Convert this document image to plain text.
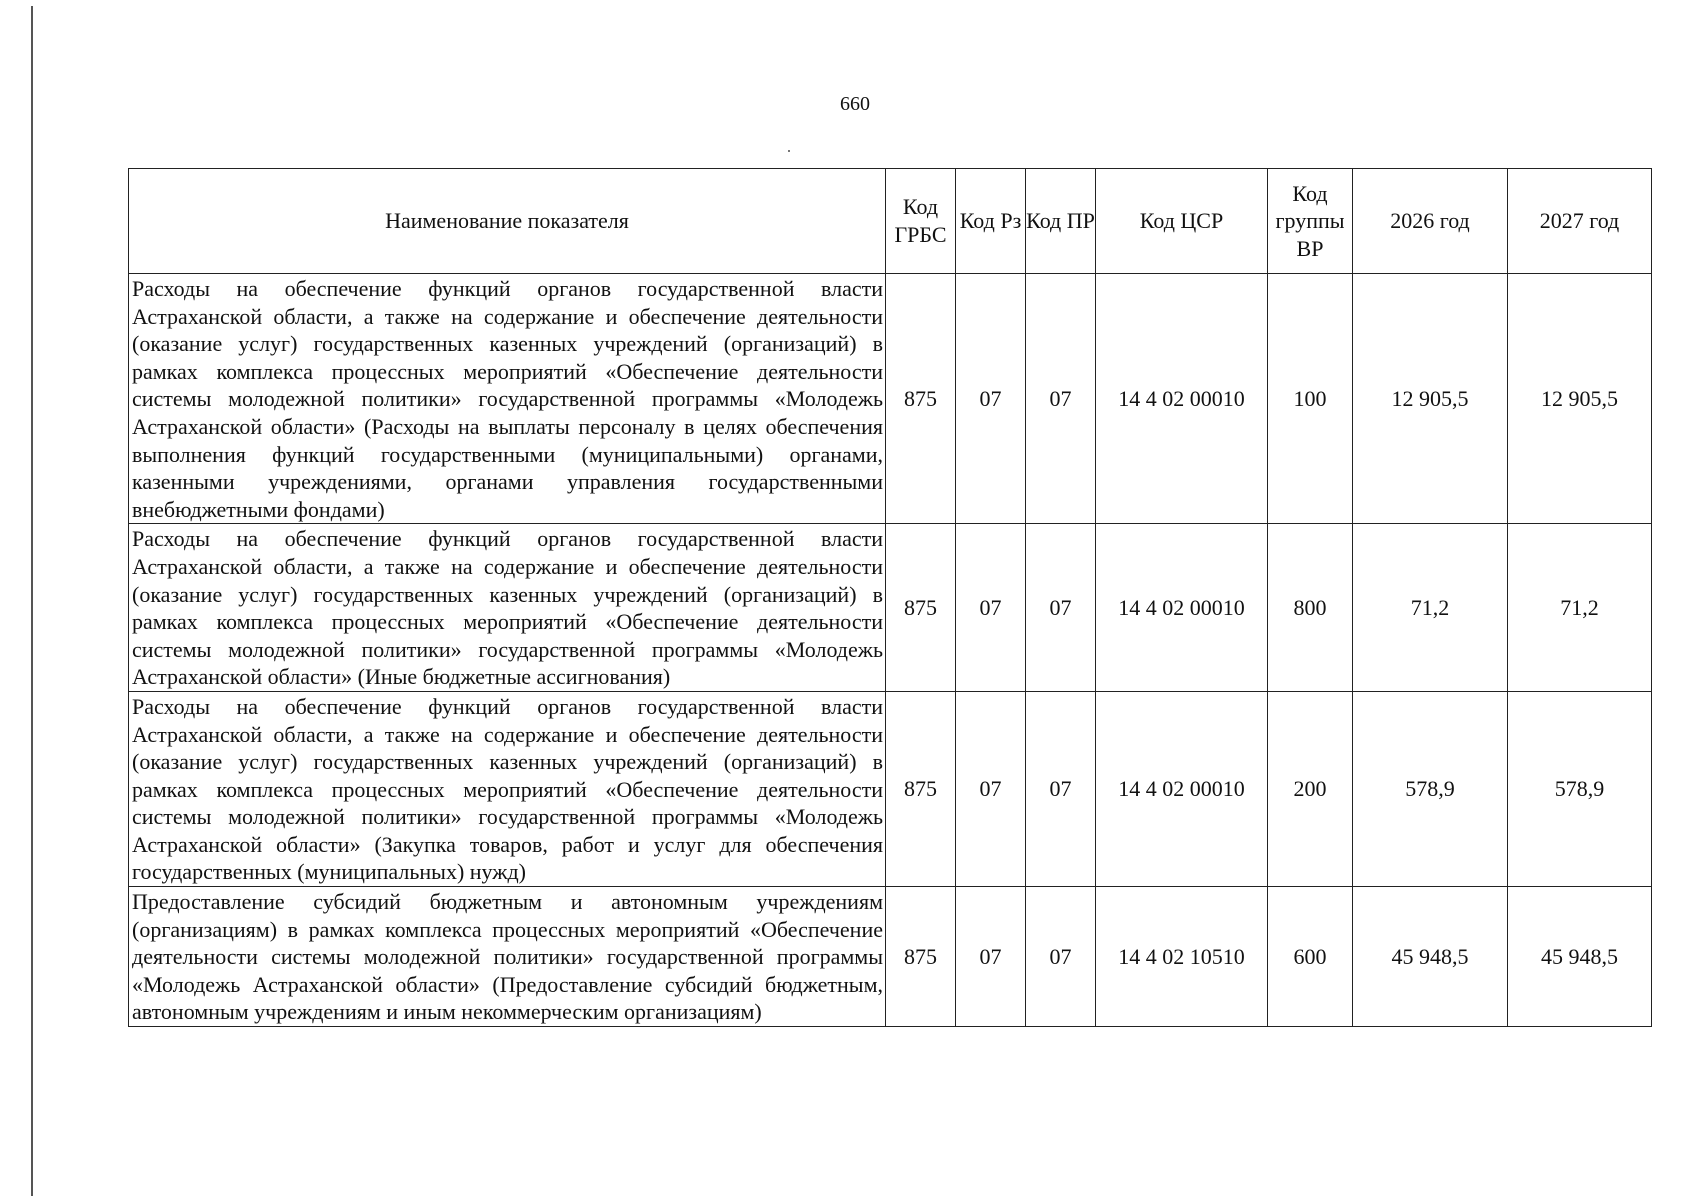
660
Наименование показателя	Код ГРБС	Код Рз	Код ПР	Код ЦСР	Код группы ВР	2026 год	2027 год
Расходы на обеспечение функций органов государственной власти Астраханской области, а также на содержание и обеспечение деятельности (оказание услуг) государственных казенных учреждений (организаций) в рамках комплекса процессных мероприятий «Обеспечение деятельности системы молодежной политики» государственной программы «Молодежь Астраханской области» (Расходы на выплаты персоналу в целях обеспечения выполнения функций государственными (муниципальными) органами, казенными учреждениями, органами управления государственными внебюджетными фондами)	875	07	07	14 4 02 00010	100	12 905,5	12 905,5
Расходы на обеспечение функций органов государственной власти Астраханской области, а также на содержание и обеспечение деятельности (оказание услуг) государственных казенных учреждений (организаций) в рамках комплекса процессных мероприятий «Обеспечение деятельности системы молодежной политики» государственной программы «Молодежь Астраханской области» (Иные бюджетные ассигнования)	875	07	07	14 4 02 00010	800	71,2	71,2
Расходы на обеспечение функций органов государственной власти Астраханской области, а также на содержание и обеспечение деятельности (оказание услуг) государственных казенных учреждений (организаций) в рамках комплекса процессных мероприятий «Обеспечение деятельности системы молодежной политики» государственной программы «Молодежь Астраханской области» (Закупка товаров, работ и услуг для обеспечения государственных (муниципальных) нужд)	875	07	07	14 4 02 00010	200	578,9	578,9
Предоставление субсидий бюджетным и автономным учреждениям (организациям) в рамках комплекса процессных мероприятий «Обеспечение деятельности системы молодежной политики» государственной программы «Молодежь Астраханской области» (Предоставление субсидий бюджетным, автономным учреждениям и иным некоммерческим организациям)	875	07	07	14 4 02 10510	600	45 948,5	45 948,5
